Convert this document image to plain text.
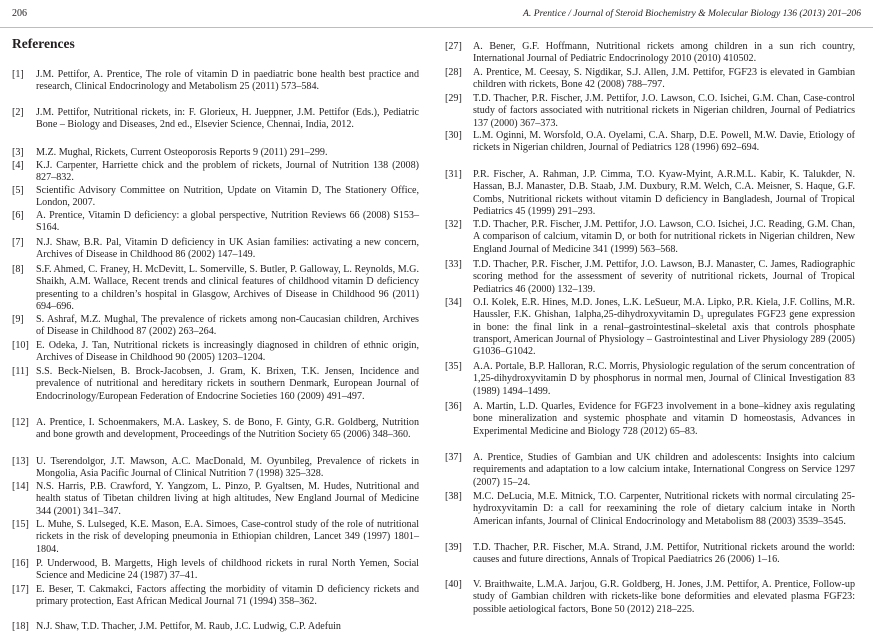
206	A. Prentice / Journal of Steroid Biochemistry & Molecular Biology 136 (2013) 201–206
References
[1] J.M. Pettifor, A. Prentice, The role of vitamin D in paediatric bone health best practice and research, Clinical Endocrinology and Metabolism 25 (2011) 573–584.
[2] J.M. Pettifor, Nutritional rickets, in: F. Glorieux, H. Jueppner, J.M. Pettifor (Eds.), Pediatric Bone – Biology and Diseases, 2nd ed., Elsevier Science, Chennai, India, 2012.
[3] M.Z. Mughal, Rickets, Current Osteoporosis Reports 9 (2011) 291–299.
[4] K.J. Carpenter, Harriette chick and the problem of rickets, Journal of Nutrition 138 (2008) 827–832.
[5] Scientific Advisory Committee on Nutrition, Update on Vitamin D, The Stationery Office, London, 2007.
[6] A. Prentice, Vitamin D deficiency: a global perspective, Nutrition Reviews 66 (2008) S153–S164.
[7] N.J. Shaw, B.R. Pal, Vitamin D deficiency in UK Asian families: activating a new concern, Archives of Disease in Childhood 86 (2002) 147–149.
[8] S.F. Ahmed, C. Franey, H. McDevitt, L. Somerville, S. Butler, P. Galloway, L. Reynolds, M.G. Shaikh, A.M. Wallace, Recent trends and clinical features of childhood vitamin D deficiency presenting to a children’s hospital in Glasgow, Archives of Disease in Childhood 96 (2011) 694–696.
[9] S. Ashraf, M.Z. Mughal, The prevalence of rickets among non-Caucasian children, Archives of Disease in Childhood 87 (2002) 263–264.
[10] E. Odeka, J. Tan, Nutritional rickets is increasingly diagnosed in children of ethnic origin, Archives of Disease in Childhood 90 (2005) 1203–1204.
[11] S.S. Beck-Nielsen, B. Brock-Jacobsen, J. Gram, K. Brixen, T.K. Jensen, Incidence and prevalence of nutritional and hereditary rickets in southern Denmark, European Journal of Endocrinology/European Federation of Endocrine Societies 160 (2009) 491–497.
[12] A. Prentice, I. Schoenmakers, M.A. Laskey, S. de Bono, F. Ginty, G.R. Goldberg, Nutrition and bone growth and development, Proceedings of the Nutrition Society 65 (2006) 348–360.
[13] U. Tserendolgor, J.T. Mawson, A.C. MacDonald, M. Oyunbileg, Prevalence of rickets in Mongolia, Asia Pacific Journal of Clinical Nutrition 7 (1998) 325–328.
[14] N.S. Harris, P.B. Crawford, Y. Yangzom, L. Pinzo, P. Gyaltsen, M. Hudes, Nutritional and health status of Tibetan children living at high altitudes, New England Journal of Medicine 344 (2001) 341–347.
[15] L. Muhe, S. Lulseged, K.E. Mason, E.A. Simoes, Case-control study of the role of nutritional rickets in the risk of developing pneumonia in Ethiopian children, Lancet 349 (1997) 1801–1804.
[16] P. Underwood, B. Margetts, High levels of childhood rickets in rural North Yemen, Social Science and Medicine 24 (1987) 37–41.
[17] E. Beser, T. Cakmakci, Factors affecting the morbidity of vitamin D deficiency rickets and primary protection, East African Medical Journal 71 (1994) 358–362.
[18] N.J. Shaw, T.D. Thacher, J.M. Pettifor, M. Raub, J.C. Ludwig, C.P. Adefuin
[27] A. Bener, G.F. Hoffmann, Nutritional rickets among children in a sun rich country, International Journal of Pediatric Endocrinology 2010 (2010) 410502.
[28] A. Prentice, M. Ceesay, S. Nigdikar, S.J. Allen, J.M. Pettifor, FGF23 is elevated in Gambian children with rickets, Bone 42 (2008) 788–797.
[29] T.D. Thacher, P.R. Fischer, J.M. Pettifor, J.O. Lawson, C.O. Isichei, G.M. Chan, Case-control study of factors associated with nutritional rickets in Nigerian children, Journal of Pediatrics 137 (2000) 367–373.
[30] L.M. Oginni, M. Worsfold, O.A. Oyelami, C.A. Sharp, D.E. Powell, M.W. Davie, Etiology of rickets in Nigerian children, Journal of Pediatrics 128 (1996) 692–694.
[31] P.R. Fischer, A. Rahman, J.P. Cimma, T.O. Kyaw-Myint, A.R.M.L. Kabir, K. Talukder, N. Hassan, B.J. Manaster, D.B. Staab, J.M. Duxbury, R.M. Welch, C.A. Meisner, S. Haque, G.F. Combs, Nutritional rickets without vitamin D deficiency in Bangladesh, Journal of Tropical Pediatrics 45 (1999) 291–293.
[32] T.D. Thacher, P.R. Fischer, J.M. Pettifor, J.O. Lawson, C.O. Isichei, J.C. Reading, G.M. Chan, A comparison of calcium, vitamin D, or both for nutritional rickets in Nigerian children, New England Journal of Medicine 341 (1999) 563–568.
[33] T.D. Thacher, P.R. Fischer, J.M. Pettifor, J.O. Lawson, B.J. Manaster, C. James, Radiographic scoring method for the assessment of severity of nutritional rickets, Journal of Tropical Pediatrics 46 (2000) 132–139.
[34] O.I. Kolek, E.R. Hines, M.D. Jones, L.K. LeSueur, M.A. Lipko, P.R. Kiela, J.F. Collins, M.R. Haussler, F.K. Ghishan, 1alpha,25-dihydroxyvitamin D₃ upregulates FGF23 gene expression in bone: the final link in a renal–gastrointestinal–skeletal axis that controls phosphate transport, American Journal of Physiology – Gastrointestinal and Liver Physiology 289 (2005) G1036–G1042.
[35] A.A. Portale, B.P. Halloran, R.C. Morris, Physiologic regulation of the serum concentration of 1,25-dihydroxyvitamin D by phosphorus in normal men, Journal of Clinical Investigation 83 (1989) 1494–1499.
[36] A. Martin, L.D. Quarles, Evidence for FGF23 involvement in a bone–kidney axis regulating bone mineralization and systemic phosphate and vitamin D homeostasis, Advances in Experimental Medicine and Biology 728 (2012) 65–83.
[37] A. Prentice, Studies of Gambian and UK children and adolescents: Insights into calcium requirements and adaptation to a low calcium intake, International Congress on Service 1297 (2007) 15–24.
[38] M.C. DeLucia, M.E. Mitnick, T.O. Carpenter, Nutritional rickets with normal circulating 25-hydroxyvitamin D: a call for reexamining the role of dietary calcium intake in North American infants, Journal of Clinical Endocrinology and Metabolism 88 (2003) 3539–3545.
[39] T.D. Thacher, P.R. Fischer, M.A. Strand, J.M. Pettifor, Nutritional rickets around the world: causes and future directions, Annals of Tropical Paediatrics 26 (2006) 1–16.
[40] V. Braithwaite, L.M.A. Jarjou, G.R. Goldberg, H. Jones, J.M. Pettifor, A. Prentice, Follow-up study of Gambian children with rickets-like bone deformities and elevated plasma FGF23: possible aetiological factors, Bone 50 (2012) 218–225.
